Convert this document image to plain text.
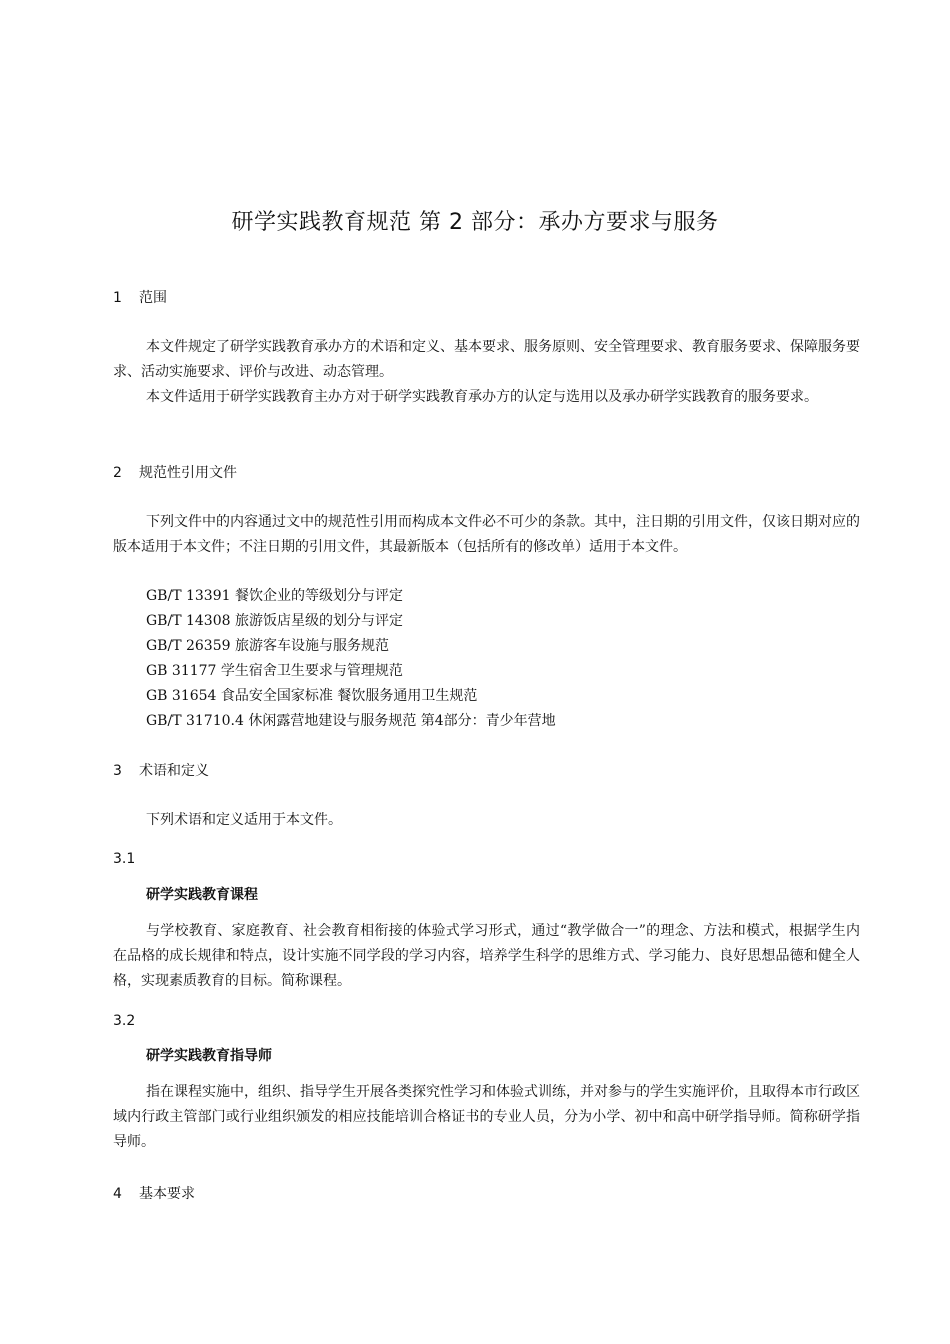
研学实践教育规范 第 2 部分：承办方要求与服务
1 范围
本文件规定了研学实践教育承办方的术语和定义、基本要求、服务原则、安全管理要求、教育服务要求、保障服务要求、活动实施要求、评价与改进、动态管理。
本文件适用于研学实践教育主办方对于研学实践教育承办方的认定与选用以及承办研学实践教育的服务要求。
2 规范性引用文件
下列文件中的内容通过文中的规范性引用而构成本文件必不可少的条款。其中，注日期的引用文件，仅该日期对应的版本适用于本文件；不注日期的引用文件，其最新版本（包括所有的修改单）适用于本文件。
GB/T 13391 餐饮企业的等级划分与评定
GB/T 14308 旅游饭店星级的划分与评定
GB/T 26359 旅游客车设施与服务规范
GB 31177 学生宿舍卫生要求与管理规范
GB 31654 食品安全国家标准 餐饮服务通用卫生规范
GB/T 31710.4 休闲露营地建设与服务规范 第4部分：青少年营地
3 术语和定义
下列术语和定义适用于本文件。
3.1
研学实践教育课程
与学校教育、家庭教育、社会教育相衔接的体验式学习形式，通过“教学做合一”的理念、方法和模式，根据学生内在品格的成长规律和特点，设计实施不同学段的学习内容，培养学生科学的思维方式、学习能力、良好思想品德和健全人格，实现素质教育的目标。简称课程。
3.2
研学实践教育指导师
指在课程实施中，组织、指导学生开展各类探究性学习和体验式训练，并对参与的学生实施评价，且取得本市行政区域内行政主管部门或行业组织颁发的相应技能培训合格证书的专业人员，分为小学、初中和高中研学指导师。简称研学指导师。
4 基本要求
